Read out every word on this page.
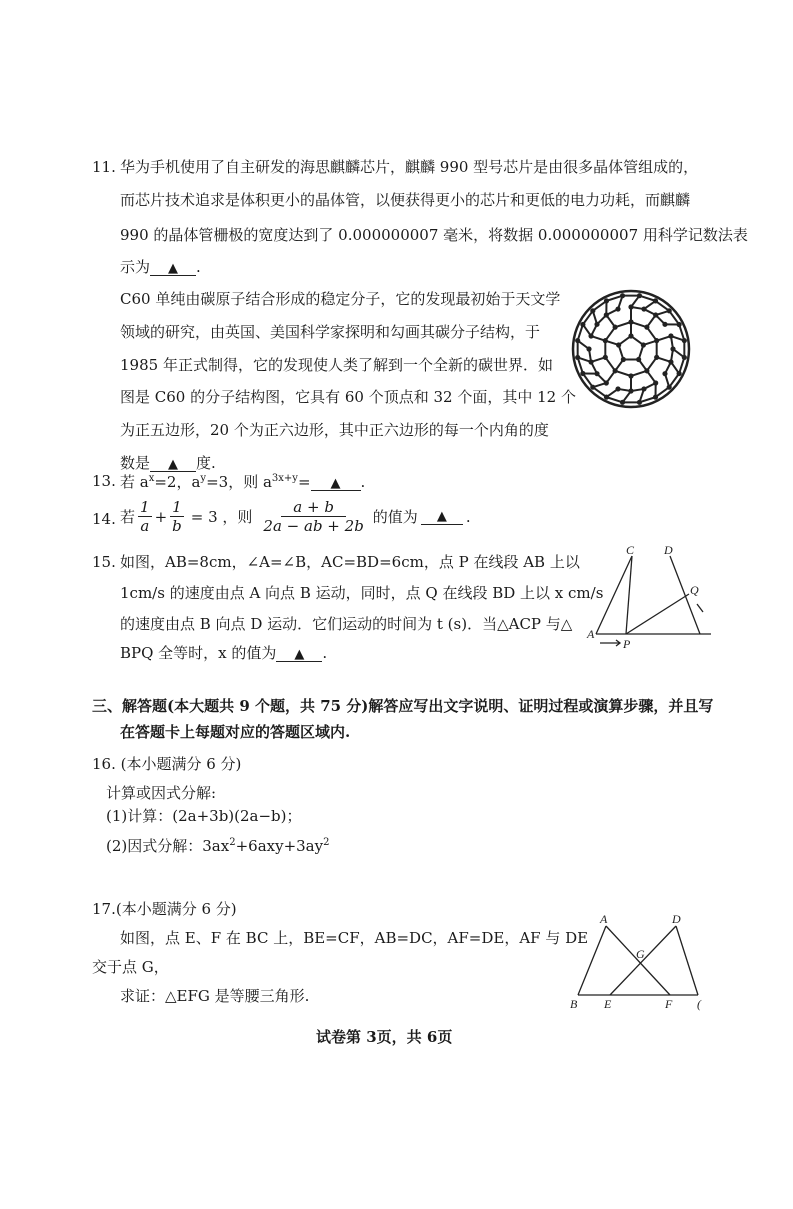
11. 华为手机使用了自主研发的海思麒麟芯片，麒麟 990 型号芯片是由很多晶体管组成的，
而芯片技术追求是体积更小的晶体管，以便获得更小的芯片和更低的电力功耗，而麒麟
990 的晶体管栅极的宽度达到了 0.000000007 毫米，将数据 0.000000007 用科学记数法表
示为 ▲ .
C60 单纯由碳原子结合形成的稳定分子，它的发现最初始于天文学
领域的研究，由英国、美国科学家探明和勾画其碳分子结构，于
1985 年正式制得，它的发现使人类了解到一个全新的碳世界．如
图是 C60 的分子结构图，它具有 60 个顶点和 32 个面，其中 12 个
为正五边形，20 个为正六边形，其中正六边形的每一个内角的度
数是 ▲ 度.
13. 若 $a^x=2$，$a^y=3$，则 $a^{3x+y}=$ ▲ .
14. 若 $\frac{1}{a} + \frac{1}{b} = 3$ ，则 $\frac{a + b}{2a - ab + 2b}$ 的值为	▲	.
15. 如图，AB=8cm，∠A=∠B，AC=BD=6cm，点 P 在线段 AB 上以
1cm/s 的速度由点 A 向点 B 运动，同时，点 Q 在线段 BD 上以 x cm/s
的速度由点 B 向点 D 运动．它们运动的时间为 t (s)．当△ACP 与△
BPQ 全等时，x 的值为 ▲ .
C D
Q
A
P
三、解答题(本大题共 9 个题，共 75 分)解答应写出文字说明、证明过程或演算步骤，并且写
在答题卡上每题对应的答题区域内.
16. (本小题满分 6 分)
计算或因式分解:
(1)计算：(2a+3b)(2a−b)；
(2)因式分解：$3ax^2+6axy+3ay^2$
17.(本小题满分 6 分)
如图，点 E、F 在 BC 上，BE=CF，AB=DC，AF=DE，AF 与 DE
交于点 G，
求证：△EFG 是等腰三角形.
A	D
G
B E	F (
试卷第 3页，共 6页
